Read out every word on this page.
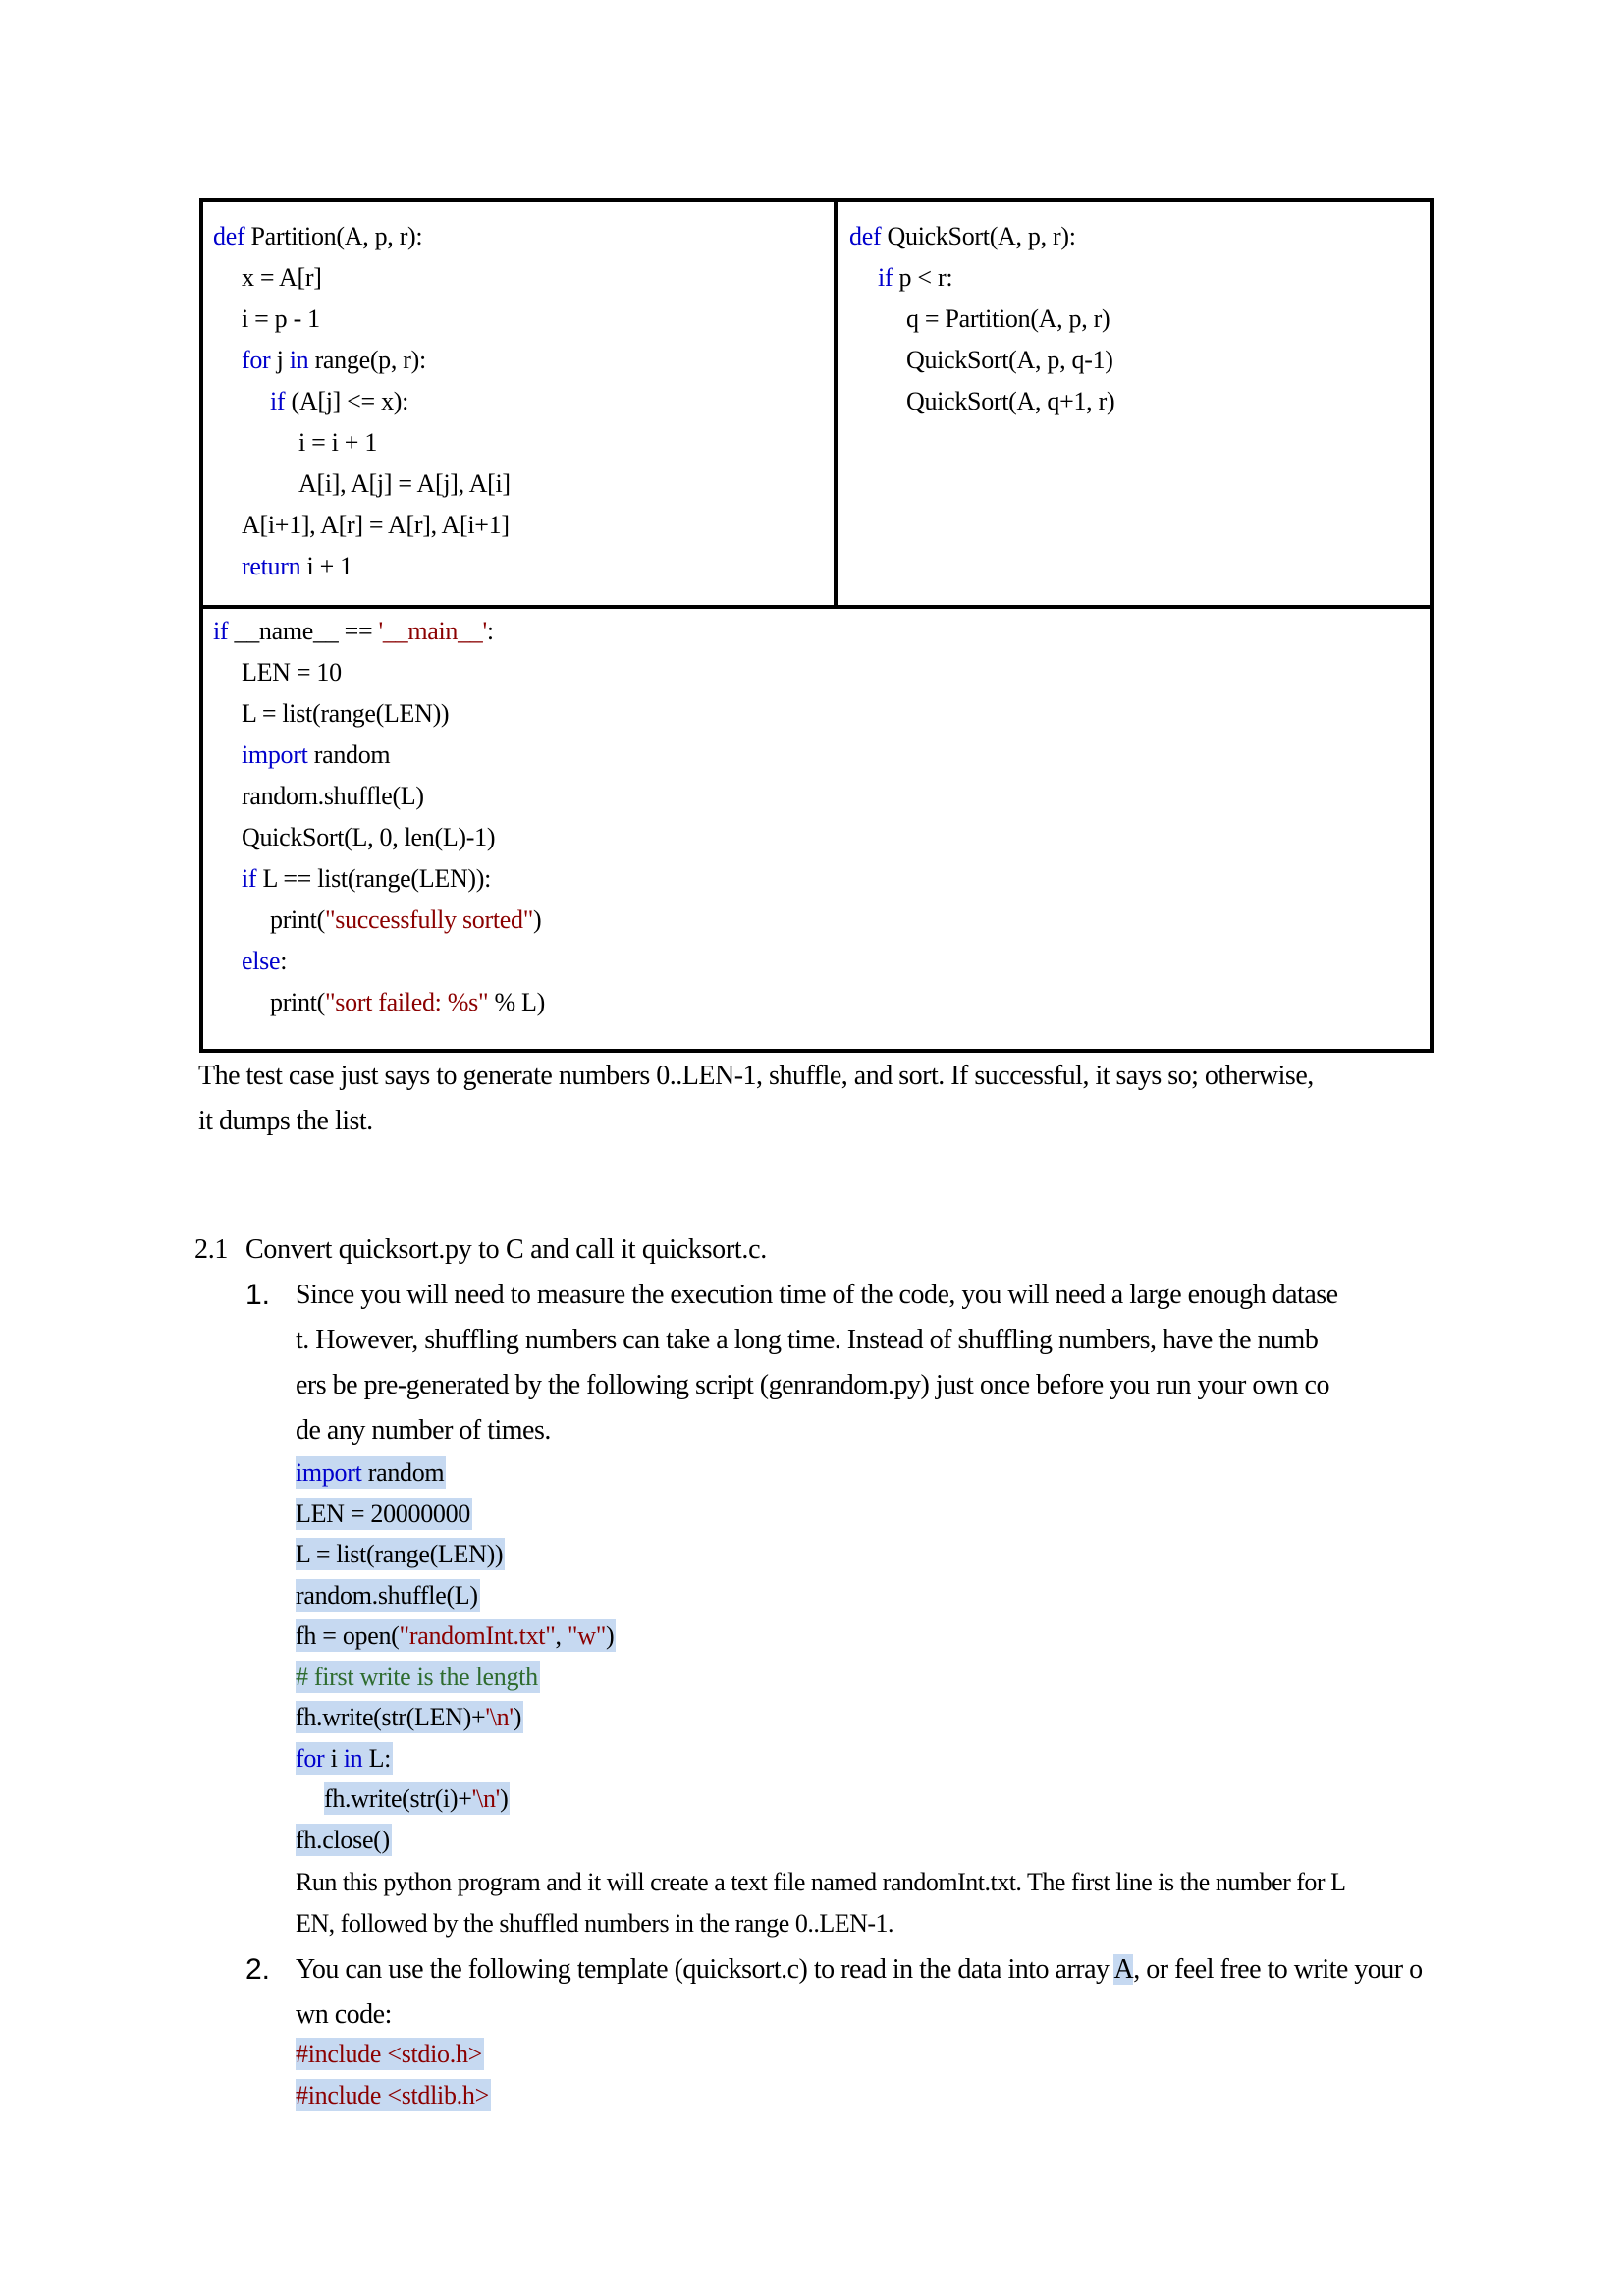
def Partition(A, p, r):
x = A[r]
i = p - 1
for j in range(p, r):
if (A[j] <= x):
i = i + 1
A[i], A[j] = A[j], A[i]
A[i+1], A[r] = A[r], A[i+1]
return i + 1
def QuickSort(A, p, r):
if p < r:
q = Partition(A, p, r)
QuickSort(A, p, q-1)
QuickSort(A, q+1, r)
if __name__ == '__main__':
LEN = 10
L = list(range(LEN))
import random
random.shuffle(L)
QuickSort(L, 0, len(L)-1)
if L == list(range(LEN)):
print("successfully sorted")
else:
print("sort failed: %s" % L)
The test case just says to generate numbers 0..LEN-1, shuffle, and sort. If successful, it says so; otherwise,
it dumps the list.
2.1 Convert quicksort.py to C and call it quicksort.c.
1. Since you will need to measure the execution time of the code, you will need a large enough datase
t. However, shuffling numbers can take a long time. Instead of shuffling numbers, have the numb
ers be pre-generated by the following script (genrandom.py) just once before you run your own co
de any number of times.
import random
LEN = 20000000
L = list(range(LEN))
random.shuffle(L)
fh = open("randomInt.txt", "w")
# first write is the length
fh.write(str(LEN)+'\n')
for i in L:
fh.write(str(i)+'\n')
fh.close()
Run this python program and it will create a text file named randomInt.txt. The first line is the number for L
EN, followed by the shuffled numbers in the range 0..LEN-1.
2. You can use the following template (quicksort.c) to read in the data into array A, or feel free to write your o
wn code:
#include <stdio.h>
#include <stdlib.h>
